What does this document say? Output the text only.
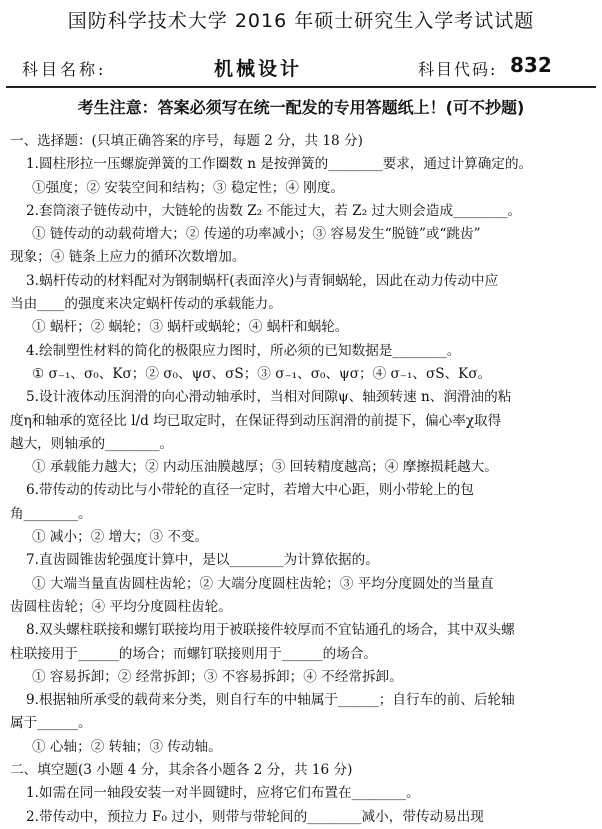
国防科学技术大学 2016 年硕士研究生入学考试试题
科目名称:	机械设计	科目代码: 832
考生注意：答案必须写在统一配发的专用答题纸上！(可不抄题)
一、选择题：(只填正确答案的序号，每题 2 分，共 18 分)
1.圆柱形拉一压螺旋弹簧的工作圈数 n 是按弹簧的________要求，通过计算确定的。
①强度；② 安装空间和结构；③ 稳定性；④ 刚度。
2.套筒滚子链传动中，大链轮的齿数 Z₂ 不能过大，若 Z₂ 过大则会造成________。
① 链传动的动载荷增大；② 传递的功率减小；③ 容易发生“脱链”或“跳齿”
现象；④ 链条上应力的循环次数增加。
3.蜗杆传动的材料配对为钢制蜗杆(表面淬火)与青铜蜗轮，因此在动力传动中应
当由____的强度来决定蜗杆传动的承载能力。
① 蜗杆；② 蜗轮；③ 蜗杆或蜗轮；④ 蜗杆和蜗轮。
4.绘制塑性材料的简化的极限应力图时，所必须的已知数据是________。
① σ₋₁、σ₀、Kσ；② σ₀、ψσ、σS；③ σ₋₁、σ₀、ψσ；④ σ₋₁、σS、Kσ。
5.设计液体动压润滑的向心滑动轴承时，当相对间隙ψ、轴颈转速 n、润滑油的粘
度η和轴承的宽径比 l/d 均已取定时，在保证得到动压润滑的前提下，偏心率χ取得
越大，则轴承的________。
① 承载能力越大；② 内动压油膜越厚；③ 回转精度越高；④ 摩擦损耗越大。
6.带传动的传动比与小带轮的直径一定时，若增大中心距，则小带轮上的包
角________。
① 减小；② 增大；③ 不变。
7.直齿圆锥齿轮强度计算中，是以________为计算依据的。
① 大端当量直齿圆柱齿轮；② 大端分度圆柱齿轮；③ 平均分度圆处的当量直
齿圆柱齿轮；④ 平均分度圆柱齿轮。
8.双头螺柱联接和螺钉联接均用于被联接件较厚而不宜钻通孔的场合，其中双头螺
柱联接用于______的场合；而螺钉联接则用于______的场合。
① 容易拆卸；② 经常拆卸；③ 不容易拆卸；④ 不经常拆卸。
9.根据轴所承受的载荷来分类，则自行车的中轴属于______；自行车的前、后轮轴
属于______。
① 心轴；② 转轴；③ 传动轴。
二、填空题(3 小题 4 分，其余各小题各 2 分，共 16 分)
1.如需在同一轴段安装一对半圆键时，应将它们布置在________。
2.带传动中，预拉力 F₀ 过小，则带与带轮间的________减小，带传动易出现
